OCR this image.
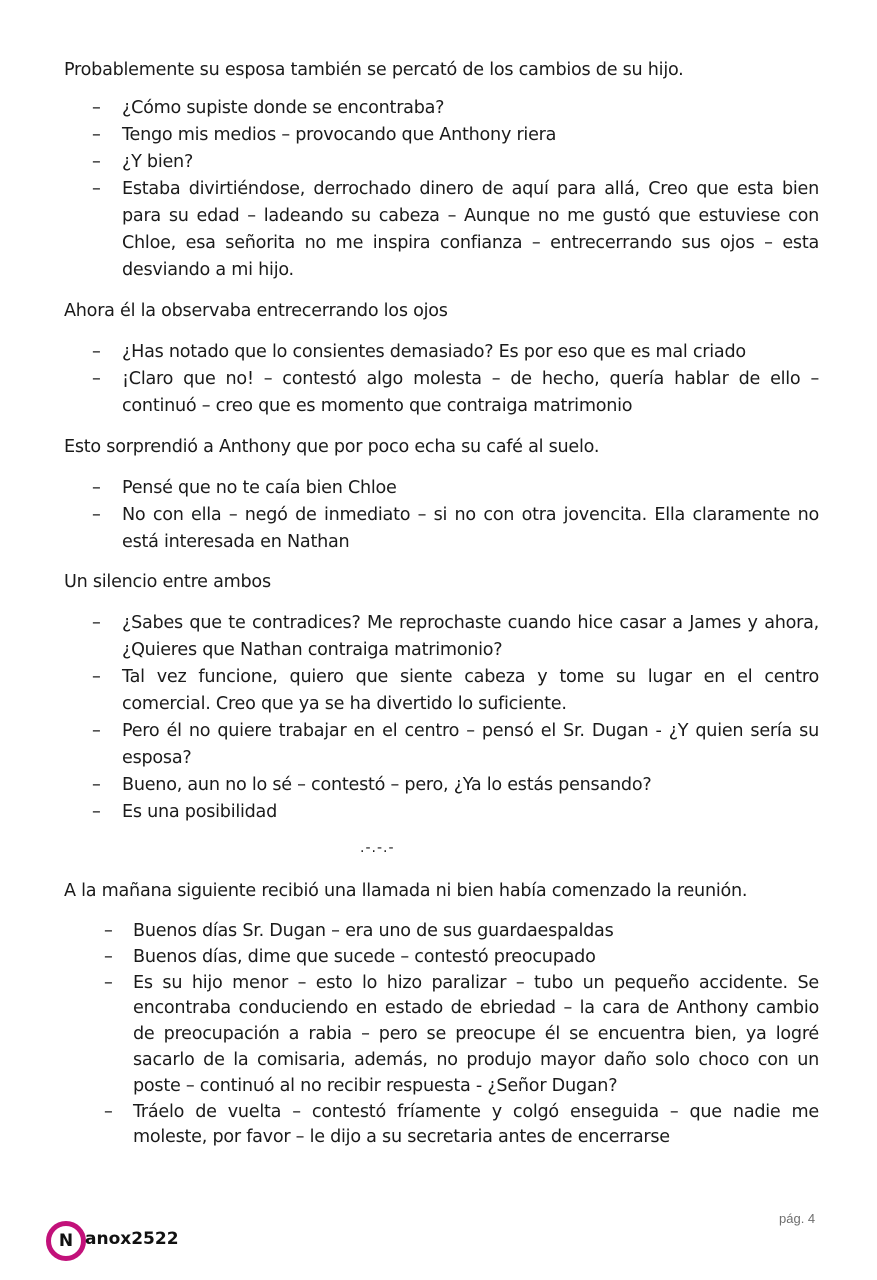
Probablemente su esposa también se percató de los cambios de su hijo.

– ¿Cómo supiste donde se encontraba?
– Tengo mis medios – provocando que Anthony riera
– ¿Y bien?
– Estaba divirtiéndose, derrochado dinero de aquí para allá, Creo que esta bien para su edad – ladeando su cabeza – Aunque no me gustó que estuviese con Chloe, esa señorita no me inspira confianza – entrecerrando sus ojos – esta desviando a mi hijo.

Ahora él la observaba entrecerrando los ojos

– ¿Has notado que lo consientes demasiado? Es por eso que es mal criado
– ¡Claro que no! – contestó algo molesta – de hecho, quería hablar de ello – continuó – creo que es momento que contraiga matrimonio

Esto sorprendió a Anthony que por poco echa su café al suelo.

– Pensé que no te caía bien Chloe
– No con ella – negó de inmediato – si no con otra jovencita. Ella claramente no está interesada en Nathan

Un silencio entre ambos

– ¿Sabes que te contradices? Me reprochaste cuando hice casar a James y ahora, ¿Quieres que Nathan contraiga matrimonio?
– Tal vez funcione, quiero que siente cabeza y tome su lugar en el centro comercial. Creo que ya se ha divertido lo suficiente.
– Pero él no quiere trabajar en el centro – pensó el Sr. Dugan - ¿Y quien sería su esposa?
– Bueno, aun no lo sé – contestó – pero, ¿Ya lo estás pensando?
– Es una posibilidad

A la mañana siguiente recibió una llamada ni bien había comenzado la reunión.

– Buenos días Sr. Dugan – era uno de sus guardaespaldas
– Buenos días, dime que sucede – contestó preocupado
– Es su hijo menor – esto lo hizo paralizar – tubo un pequeño accidente. Se encontraba conduciendo en estado de ebriedad – la cara de Anthony cambio de preocupación a rabia – pero se preocupe él se encuentra bien, ya logré sacarlo de la comisaria, además, no produjo mayor daño solo choco con un poste – continuó al no recibir respuesta - ¿Señor Dugan?
– Tráelo de vuelta – contestó fríamente y colgó enseguida – que nadie me moleste, por favor – le dijo a su secretaria antes de encerrarse
.-.-.-
pág. 4
N anox2522
